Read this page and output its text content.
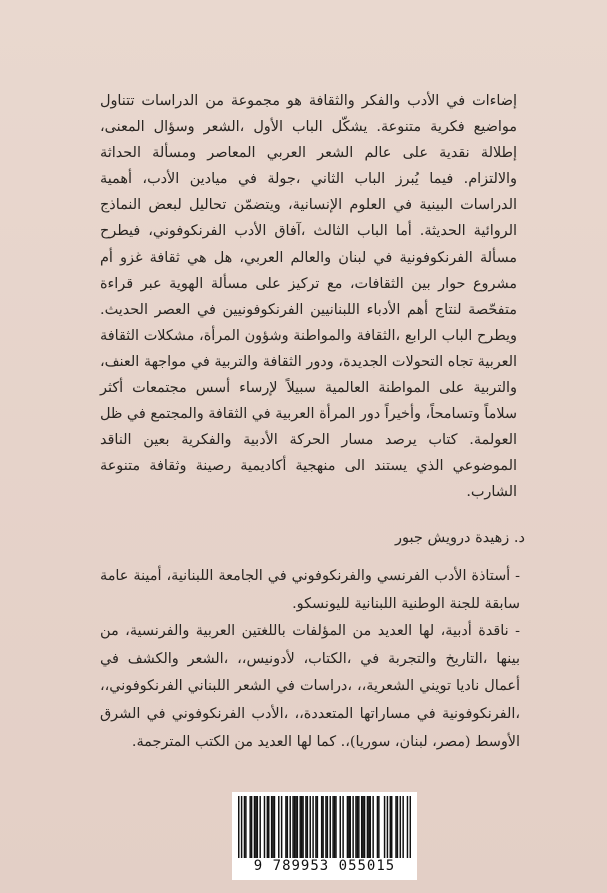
إضاءات في الأدب والفكر والثقافة هو مجموعة من الدراسات تتناول مواضيع فكرية متنوعة. يشكّل الباب الأول ،الشعر وسؤال المعنى، إطلالة نقدية على عالم الشعر العربي المعاصر ومسألة الحداثة والالتزام. فيما يُبرز الباب الثاني ،جولة في ميادين الأدب، أهمية الدراسات البينية في العلوم الإنسانية، ويتضمّن تحاليل لبعض النماذج الروائية الحديثة. أما الباب الثالث ،آفاق الأدب الفرنكوفوني، فيطرح مسألة الفرنكوفونية في لبنان والعالم العربي، هل هي ثقافة غزو أم مشروع حوار بين الثقافات، مع تركيز على مسألة الهوية عبر قراءة متفحّصة لنتاج أهم الأدباء اللبنانيين الفرنكوفونيين في العصر الحديث. ويطرح الباب الرابع ،الثقافة والمواطنة وشؤون المرأة، مشكلات الثقافة العربية تجاه التحولات الجديدة، ودور الثقافة والتربية في مواجهة العنف، والتربية على المواطنة العالمية سبيلاً لإرساء أسس مجتمعات أكثر سلاماً وتسامحاً، وأخيراً دور المرأة العربية في الثقافة والمجتمع في ظل العولمة. كتاب يرصد مسار الحركة الأدبية والفكرية بعين الناقد الموضوعي الذي يستند الى منهجية أكاديمية رصينة وثقافة متنوعة الشارب.

د. زهيدة درويش جبور

- أستاذة الأدب الفرنسي والفرنكوفوني في الجامعة اللبنانية، أمينة عامة سابقة للجنة الوطنية اللبنانية لليونسكو.

- ناقدة أدبية، لها العديد من المؤلفات باللغتين العربية والفرنسية، من بينها ،التاريخ والتجربة في ،الكتاب، لأدونيس،، ،الشعر والكشف في أعمال ناديا تويني الشعرية،، ،دراسات في الشعر اللبناني الفرنكوفوني،، ،الفرنكوفونية في مساراتها المتعددة،، ،الأدب الفرنكوفوني في الشرق الأوسط (مصر، لبنان، سوريا)،. كما لها العديد من الكتب المترجمة.

9 789953 055015
